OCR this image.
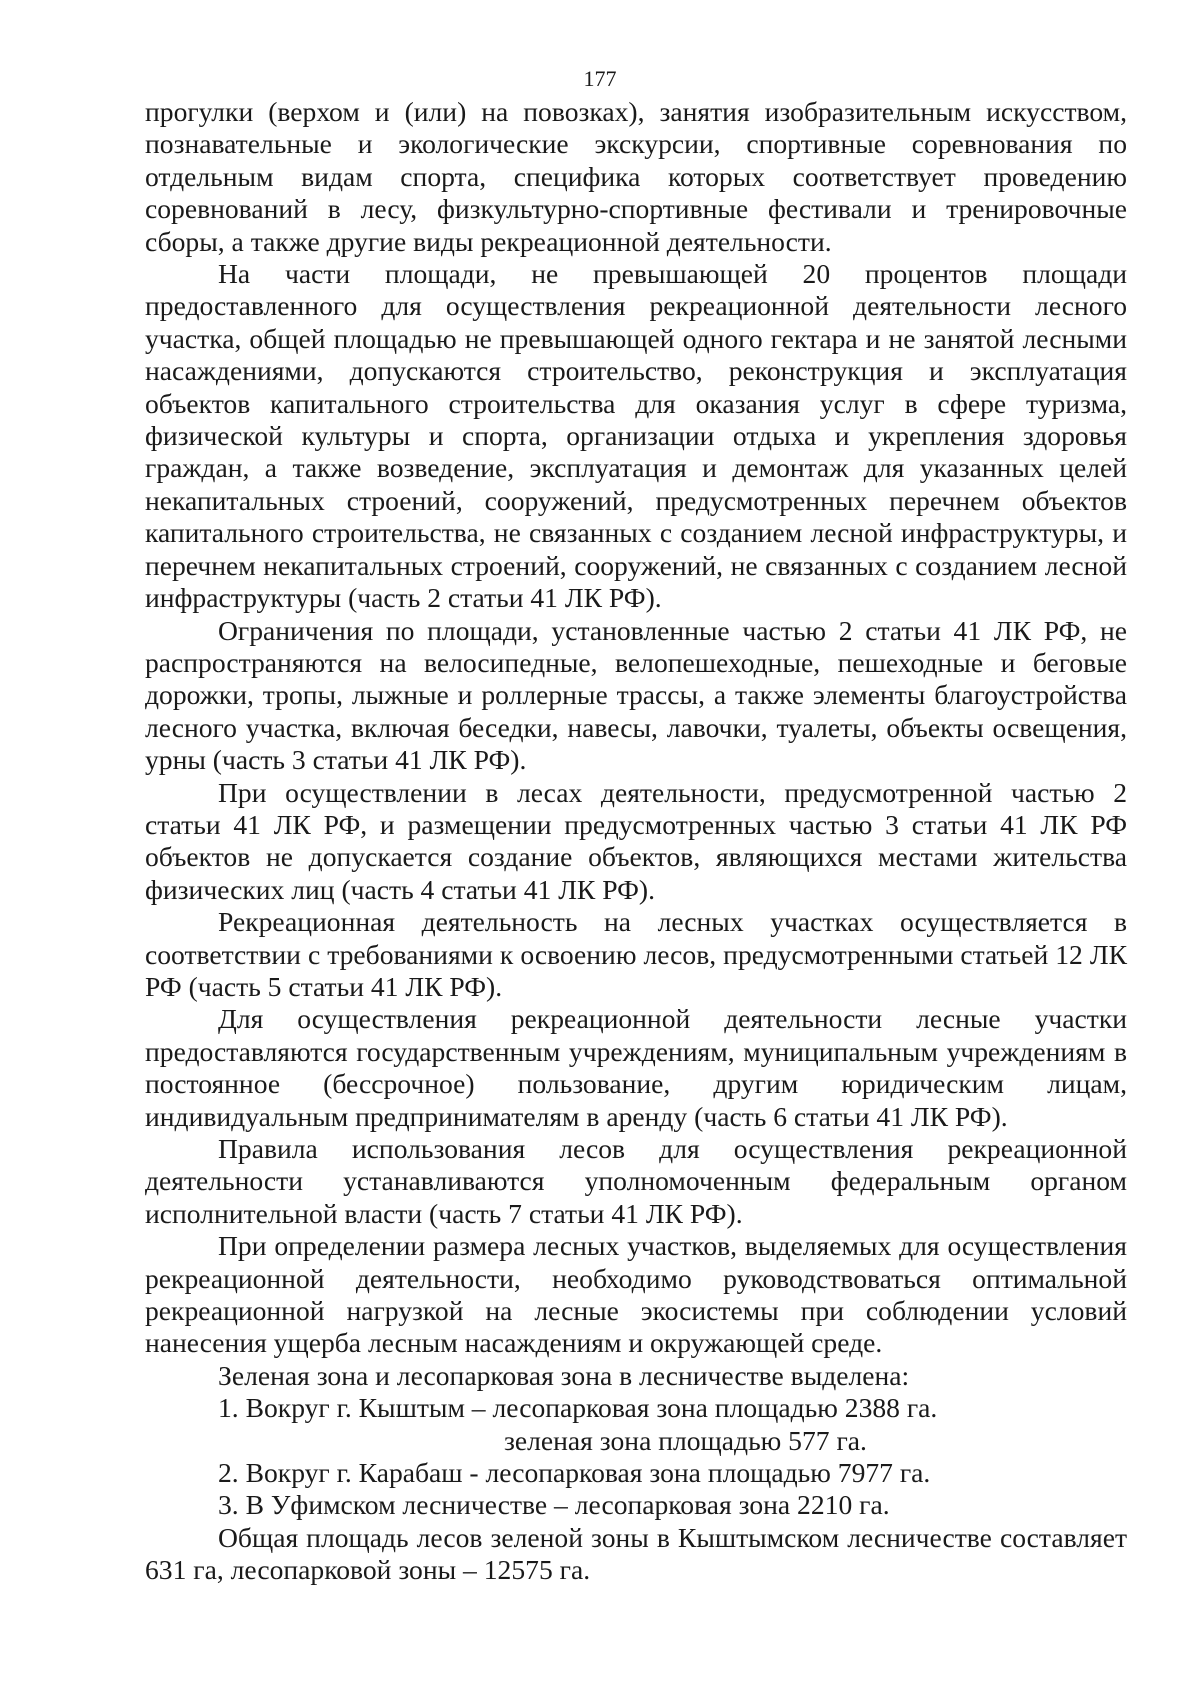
177

прогулки (верхом и (или) на повозках), занятия изобразительным искусством, познавательные и экологические экскурсии, спортивные соревнования по отдельным видам спорта, специфика которых соответствует проведению соревнований в лесу, физкультурно-спортивные фестивали и тренировочные сборы, а также другие виды рекреационной деятельности.

На части площади, не превышающей 20 процентов площади предоставленного для осуществления рекреационной деятельности лесного участка, общей площадью не превышающей одного гектара и не занятой лесными насаждениями, допускаются строительство, реконструкция и эксплуатация объектов капитального строительства для оказания услуг в сфере туризма, физической культуры и спорта, организации отдыха и укрепления здоровья граждан, а также возведение, эксплуатация и демонтаж для указанных целей некапитальных строений, сооружений, предусмотренных перечнем объектов капитального строительства, не связанных с созданием лесной инфраструктуры, и перечнем некапитальных строений, сооружений, не связанных с созданием лесной инфраструктуры (часть 2 статьи 41 ЛК РФ).

Ограничения по площади, установленные частью 2 статьи 41 ЛК РФ, не распространяются на велосипедные, велопешеходные, пешеходные и беговые дорожки, тропы, лыжные и роллерные трассы, а также элементы благоустройства лесного участка, включая беседки, навесы, лавочки, туалеты, объекты освещения, урны (часть 3 статьи 41 ЛК РФ).

При осуществлении в лесах деятельности, предусмотренной частью 2 статьи 41 ЛК РФ, и размещении предусмотренных частью 3 статьи 41 ЛК РФ объектов не допускается создание объектов, являющихся местами жительства физических лиц (часть 4 статьи 41 ЛК РФ).

Рекреационная деятельность на лесных участках осуществляется в соответствии с требованиями к освоению лесов, предусмотренными статьей 12 ЛК РФ (часть 5 статьи 41 ЛК РФ).

Для осуществления рекреационной деятельности лесные участки предоставляются государственным учреждениям, муниципальным учреждениям в постоянное (бессрочное) пользование, другим юридическим лицам, индивидуальным предпринимателям в аренду (часть 6 статьи 41 ЛК РФ).

Правила использования лесов для осуществления рекреационной деятельности устанавливаются уполномоченным федеральным органом исполнительной власти (часть 7 статьи 41 ЛК РФ).

При определении размера лесных участков, выделяемых для осуществления рекреационной деятельности, необходимо руководствоваться оптимальной рекреационной нагрузкой на лесные экосистемы при соблюдении условий нанесения ущерба лесным насаждениям и окружающей среде.

Зеленая зона и лесопарковая зона в лесничестве выделена:

1. Вокруг г. Кыштым – лесопарковая зона площадью 2388 га.

зеленая зона площадью 577 га.

2. Вокруг г. Карабаш - лесопарковая зона площадью 7977 га.

3. В Уфимском лесничестве – лесопарковая зона 2210 га.

Общая площадь лесов зеленой зоны в Кыштымском лесничестве составляет 631 га, лесопарковой зоны – 12575 га.
